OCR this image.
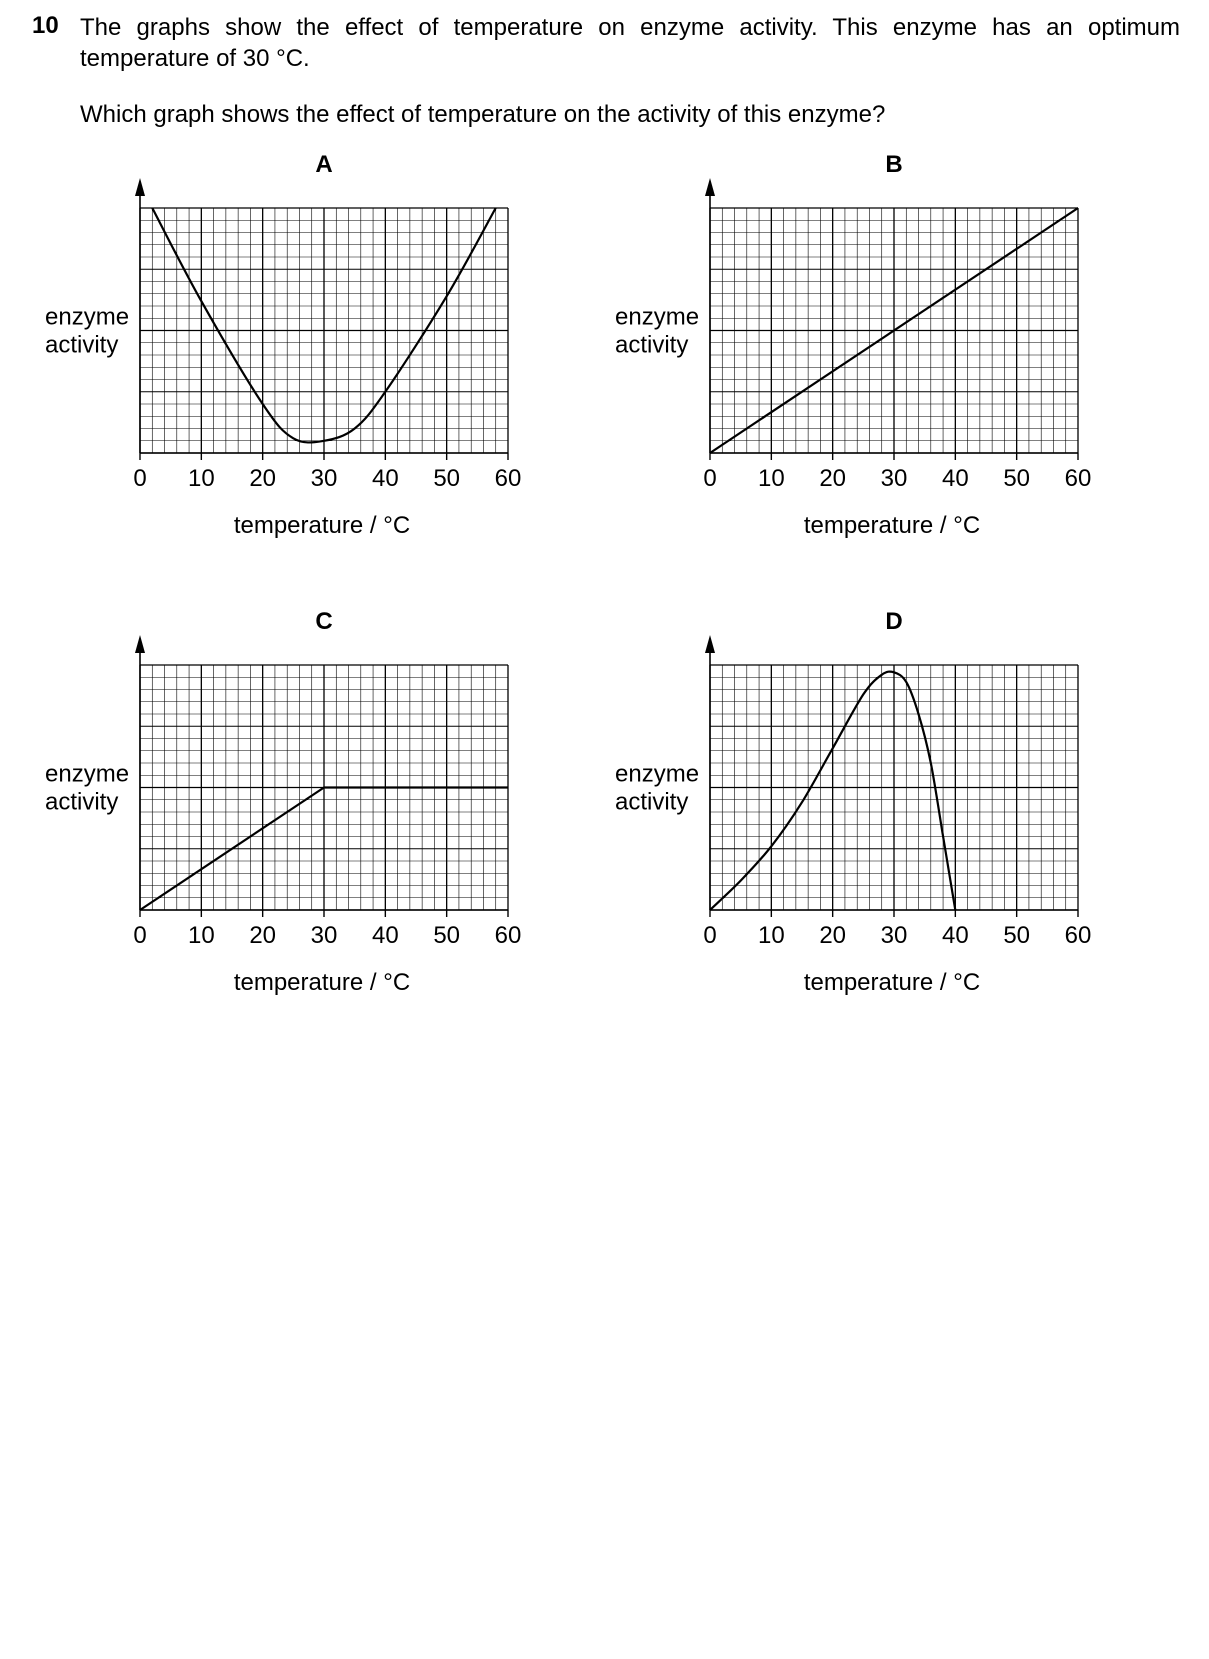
10 The graphs show the effect of temperature on enzyme activity. This enzyme has an optimum temperature of 30 °C.
Which graph shows the effect of temperature on the activity of this enzyme?
A
0 10 20 30 40 50 60
temperature / °C
enzyme activity
B
0 10 20 30 40 50 60
temperature / °C
enzyme activity
C
0 10 20 30 40 50 60
temperature / °C
enzyme activity
D
0 10 20 30 40 50 60
temperature / °C
enzyme activity
